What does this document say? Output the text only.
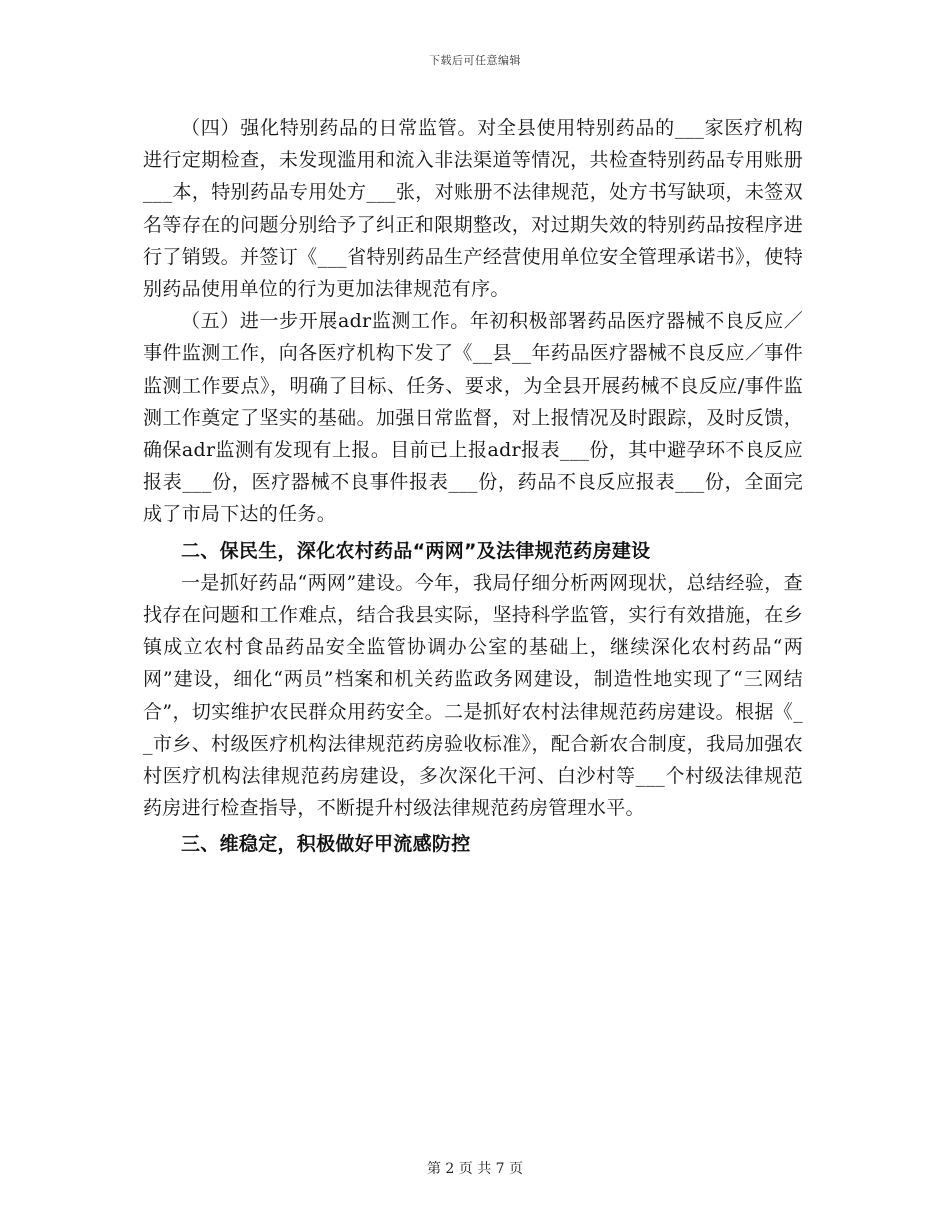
下载后可任意编辑

（四）强化特别药品的日常监管。对全县使用特别药品的___家医疗机构进行定期检查，未发现滥用和流入非法渠道等情况，共检查特别药品专用账册___本，特别药品专用处方___张，对账册不法律规范，处方书写缺项，未签双名等存在的问题分别给予了纠正和限期整改，对过期失效的特别药品按程序进行了销毁。并签订《___省特别药品生产经营使用单位安全管理承诺书》，使特别药品使用单位的行为更加法律规范有序。

（五）进一步开展adr监测工作。年初积极部署药品医疗器械不良反应／事件监测工作，向各医疗机构下发了《__县__年药品医疗器械不良反应／事件监测工作要点》，明确了目标、任务、要求，为全县开展药械不良反应/事件监测工作奠定了坚实的基础。加强日常监督，对上报情况及时跟踪，及时反馈，确保adr监测有发现有上报。目前已上报adr报表___份，其中避孕环不良反应报表___份，医疗器械不良事件报表___份，药品不良反应报表___份，全面完成了市局下达的任务。

二、保民生，深化农村药品“两网”及法律规范药房建设

一是抓好药品“两网”建设。今年，我局仔细分析两网现状，总结经验，查找存在问题和工作难点，结合我县实际，坚持科学监管，实行有效措施，在乡镇成立农村食品药品安全监管协调办公室的基础上，继续深化农村药品“两网”建设，细化“两员”档案和机关药监政务网建设，制造性地实现了“三网结合”，切实维护农民群众用药安全。二是抓好农村法律规范药房建设。根据《__市乡、村级医疗机构法律规范药房验收标准》，配合新农合制度，我局加强农村医疗机构法律规范药房建设，多次深化干河、白沙村等___个村级法律规范药房进行检查指导，不断提升村级法律规范药房管理水平。

三、维稳定，积极做好甲流感防控

第 2 页 共 7 页
